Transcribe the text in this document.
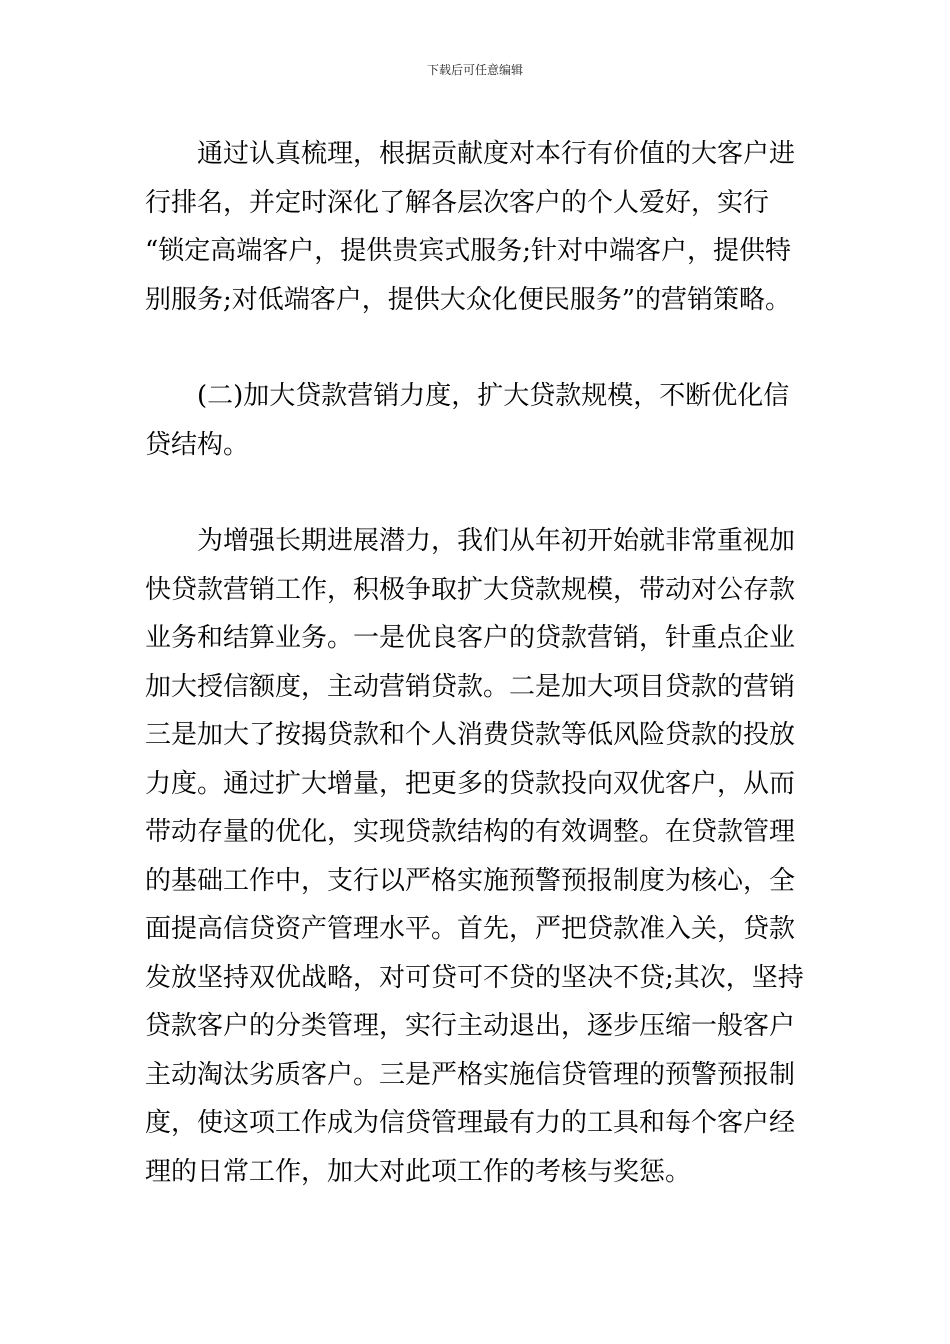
下载后可任意编辑
通过认真梳理，根据贡献度对本行有价值的大客户进
行排名，并定时深化了解各层次客户的个人爱好，实行
“锁定高端客户，提供贵宾式服务;针对中端客户，提供特
别服务;对低端客户，提供大众化便民服务”的营销策略。
(二)加大贷款营销力度，扩大贷款规模，不断优化信
贷结构。
为增强长期进展潜力，我们从年初开始就非常重视加
快贷款营销工作，积极争取扩大贷款规模，带动对公存款
业务和结算业务。一是优良客户的贷款营销，针重点企业
加大授信额度，主动营销贷款。二是加大项目贷款的营销
三是加大了按揭贷款和个人消费贷款等低风险贷款的投放
力度。通过扩大增量，把更多的贷款投向双优客户，从而
带动存量的优化，实现贷款结构的有效调整。在贷款管理
的基础工作中，支行以严格实施预警预报制度为核心，全
面提高信贷资产管理水平。首先，严把贷款准入关，贷款
发放坚持双优战略，对可贷可不贷的坚决不贷;其次，坚持
贷款客户的分类管理，实行主动退出，逐步压缩一般客户
主动淘汰劣质客户。三是严格实施信贷管理的预警预报制
度，使这项工作成为信贷管理最有力的工具和每个客户经
理的日常工作，加大对此项工作的考核与奖惩。
